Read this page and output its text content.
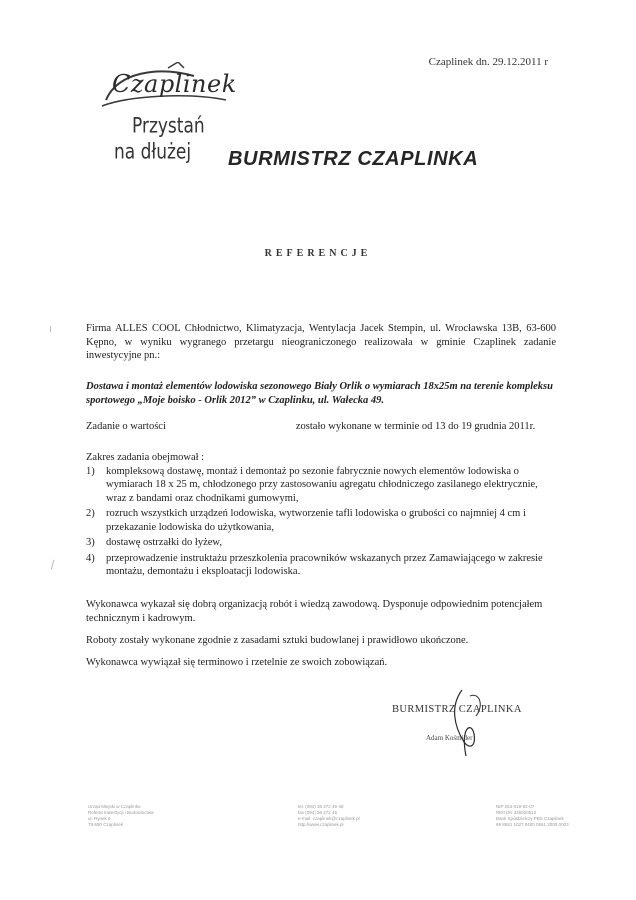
Czaplinek dn. 29.12.2011 r
Czaplinek
Przystań
na dłużej BURMISTRZ CZAPLINKA
REFERENCJE
Firma ALLES COOL Chłodnictwo, Klimatyzacja, Wentylacja Jacek Stempin, ul. Wrocławska 13B, 63-600 Kępno, w wyniku wygranego przetargu nieograniczonego realizowała w gminie Czaplinek zadanie inwestycyjne pn.:
Dostawa i montaż elementów lodowiska sezonowego Biały Orlik o wymiarach 18x25m na terenie kompleksu sportowego „Moje boisko - Orlik 2012” w Czaplinku, ul. Wałecka 49.
Zadanie o wartości	zostało wykonane w terminie od 13 do 19 grudnia 2011r.
Zakres zadania obejmował :
1) kompleksową dostawę, montaż i demontaż po sezonie fabrycznie nowych elementów lodowiska o wymiarach 18 x 25 m, chłodzonego przy zastosowaniu agregatu chłodniczego zasilanego elektrycznie, wraz z bandami oraz chodnikami gumowymi,
2) rozruch wszystkich urządzeń lodowiska, wytworzenie tafli lodowiska o grubości co najmniej 4 cm i przekazanie lodowiska do użytkowania,
3) dostawę ostrzałki do łyżew,
4) przeprowadzenie instruktażu przeszkolenia pracowników wskazanych przez Zamawiającego w zakresie montażu, demontażu i eksploatacji lodowiska.

Wykonawca wykazał się dobrą organizacją robót i wiedzą zawodową. Dysponuje odpowiednim potencjałem technicznym i kadrowym.

Roboty zostały wykonane zgodnie z zasadami sztuki budowlanej i prawidłowo ukończone.

Wykonawca wywiązał się terminowo i rzetelnie ze swoich zobowiązań.

BURMISTRZ CZAPLINKA
Adam Kośmider
Urząd Miejski w Czaplinku
Referat Inwestycji i Budownictwa
ul. Rynek 6
78-550 Czaplinek
tel. (094) 36 272 45-48
fax (094) 36 272 45
e-mail: czaplinek@czaplinek.pl
http://www.czaplinek.pl
NIP 253-018-92-07
REGON 330920512
Bank Spółdzielczy PBS Czaplinek
69 8581 1027 0400 0551 2000 0003
